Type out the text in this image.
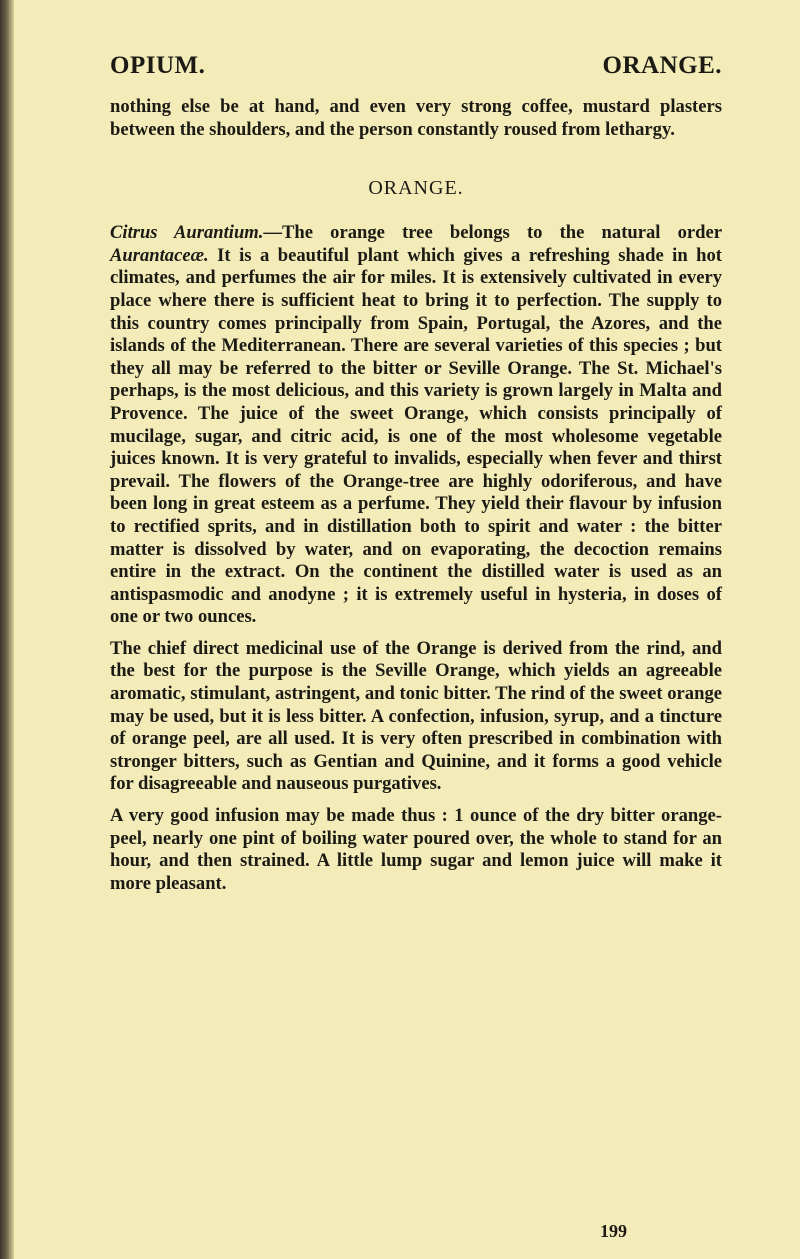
OPIUM.	ORANGE.

nothing else be at hand, and even very strong coffee, mustard plasters between the shoulders, and the person constantly roused from lethargy.

ORANGE.

Citrus Aurantium.—The orange tree belongs to the natural order Aurantaceæ. It is a beautiful plant which gives a refreshing shade in hot climates, and perfumes the air for miles. It is extensively cultivated in every place where there is sufficient heat to bring it to perfection. The supply to this country comes principally from Spain, Portugal, the Azores, and the islands of the Mediterranean. There are several varieties of this species ; but they all may be referred to the bitter or Seville Orange. The St. Michael's perhaps, is the most delicious, and this variety is grown largely in Malta and Provence. The juice of the sweet Orange, which consists principally of mucilage, sugar, and citric acid, is one of the most wholesome vegetable juices known. It is very grateful to invalids, especially when fever and thirst prevail. The flowers of the Orange-tree are highly odoriferous, and have been long in great esteem as a perfume. They yield their flavour by infusion to rectified sprits, and in distillation both to spirit and water : the bitter matter is dissolved by water, and on evaporating, the decoction remains entire in the extract. On the continent the distilled water is used as an antispasmodic and anodyne ; it is extremely useful in hysteria, in doses of one or two ounces.

The chief direct medicinal use of the Orange is derived from the rind, and the best for the purpose is the Seville Orange, which yields an agreeable aromatic, stimulant, astringent, and tonic bitter. The rind of the sweet orange may be used, but it is less bitter. A confection, infusion, syrup, and a tincture of orange peel, are all used. It is very often prescribed in combination with stronger bitters, such as Gentian and Quinine, and it forms a good vehicle for disagreeable and nauseous purgatives.

A very good infusion may be made thus : 1 ounce of the dry bitter orange-peel, nearly one pint of boiling water poured over, the whole to stand for an hour, and then strained. A little lump sugar and lemon juice will make it more pleasant.

199
